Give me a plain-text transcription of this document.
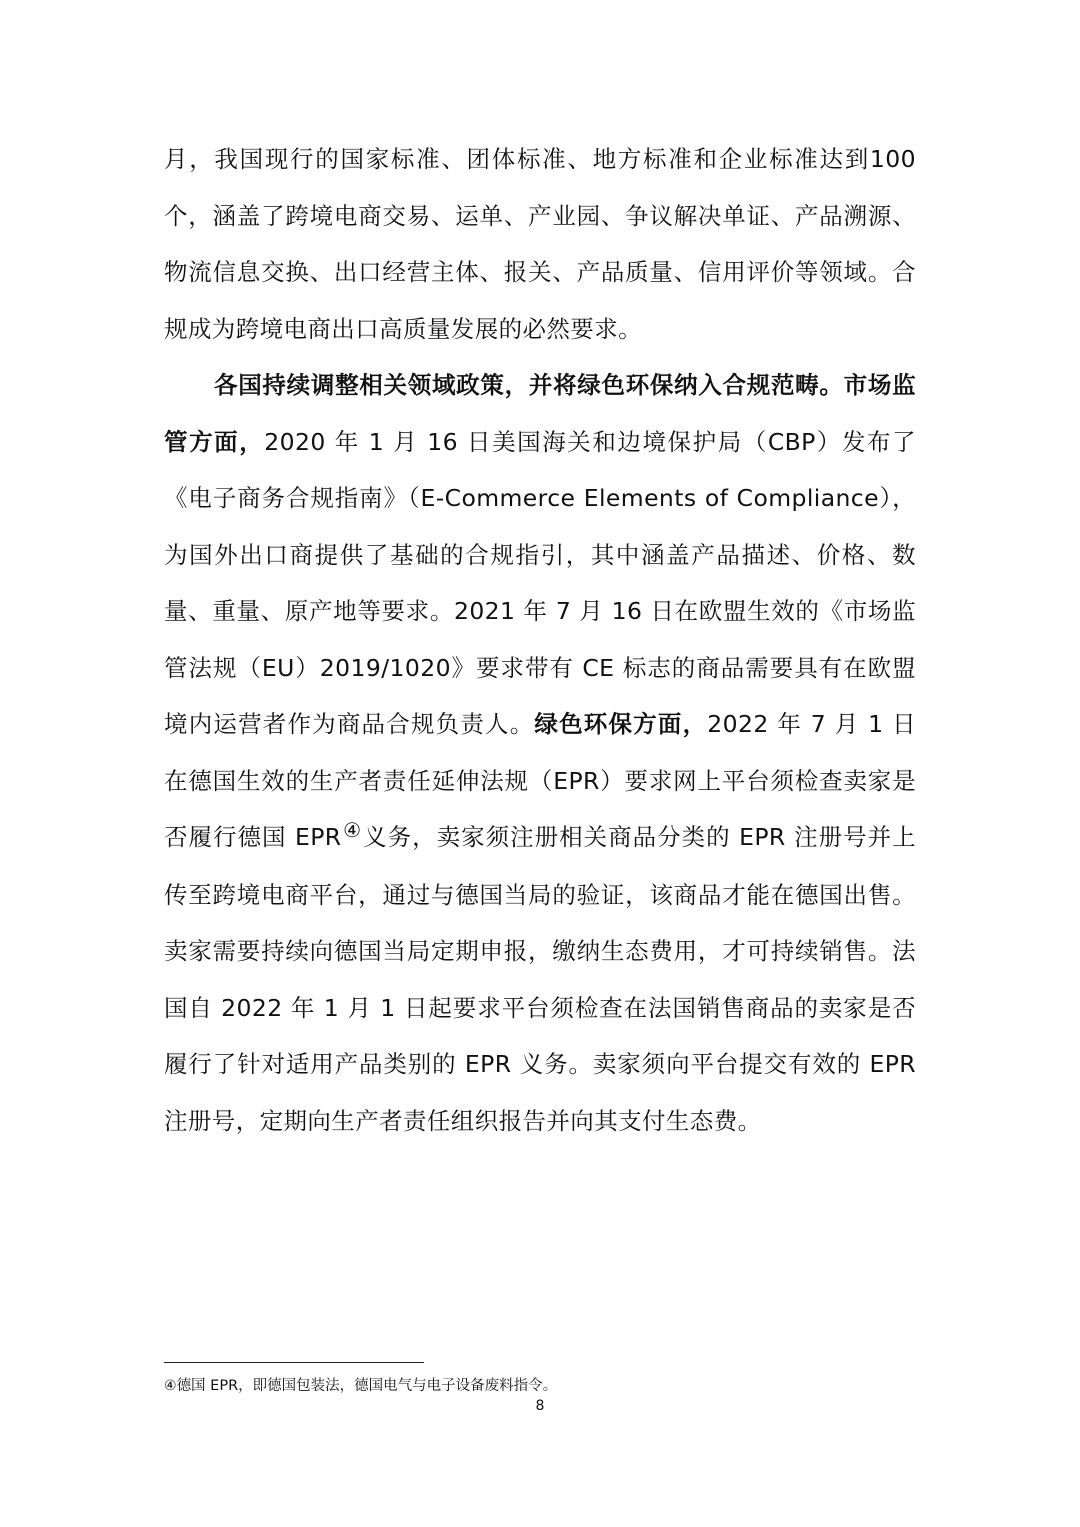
月，我国现行的国家标准、团体标准、地方标准和企业标准达到100个，涵盖了跨境电商交易、运单、产业园、争议解决单证、产品溯源、物流信息交换、出口经营主体、报关、产品质量、信用评价等领域。合规成为跨境电商出口高质量发展的必然要求。

各国持续调整相关领域政策，并将绿色环保纳入合规范畴。市场监管方面，2020 年 1 月 16 日美国海关和边境保护局（CBP）发布了《电子商务合规指南》（E-Commerce Elements of Compliance），为国外出口商提供了基础的合规指引，其中涵盖产品描述、价格、数量、重量、原产地等要求。2021 年 7 月 16 日在欧盟生效的《市场监管法规（EU）2019/1020》要求带有 CE 标志的商品需要具有在欧盟境内运营者作为商品合规负责人。绿色环保方面，2022 年 7 月 1 日在德国生效的生产者责任延伸法规（EPR）要求网上平台须检查卖家是否履行德国 EPR④义务，卖家须注册相关商品分类的 EPR 注册号并上传至跨境电商平台，通过与德国当局的验证，该商品才能在德国出售。卖家需要持续向德国当局定期申报，缴纳生态费用，才可持续销售。法国自 2022 年 1 月 1 日起要求平台须检查在法国销售商品的卖家是否履行了针对适用产品类别的 EPR 义务。卖家须向平台提交有效的 EPR 注册号，定期向生产者责任组织报告并向其支付生态费。

④德国 EPR，即德国包装法，德国电气与电子设备废料指令。
8
